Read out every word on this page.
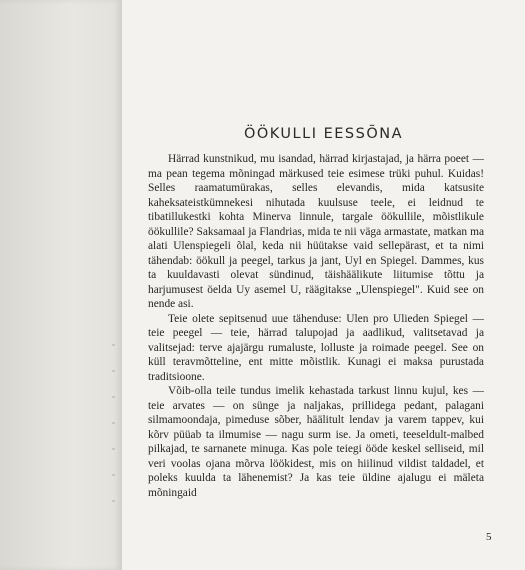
ÖÖKULLI EESSÕNA

Härrad kunstnikud, mu isandad, härrad kirjastajad, ja härra poeet — ma pean tegema mõningad märkused teie esimese trüki puhul. Kuidas! Selles raamatumürakas, selles elevandis, mida katsusite kaheksateistkümnekesi nihutada kuulsuse teele, ei leidnud te tibatillukestki kohta Minerva linnule, targale öökullile, mõistlikule öökullile? Saksamaal ja Flandrias, mida te nii väga armastate, matkan ma alati Ulenspiegeli õlal, keda nii hüütakse vaid sellepärast, et ta nimi tähendab: öökull ja peegel, tarkus ja jant, Uyl en Spiegel. Dammes, kus ta kuuldavasti olevat sündinud, täishäälikute liitumise tõttu ja harjumusest öelda Uy asemel U, räägitakse „Ulenspiegel". Kuid see on nende asi.

Teie olete sepitsenud uue tähenduse: Ulen pro Ulieden Spiegel — teie peegel — teie, härrad talupojad ja aadlikud, valitsetavad ja valitsejad: terve ajajärgu rumaluste, lolluste ja roimade peegel. See on küll teravmõtteline, ent mitte mõistlik. Kunagi ei maksa purustada traditsioone.

Võib-olla teile tundus imelik kehastada tarkust linnu kujul, kes — teie arvates — on sünge ja naljakas, prillidega pedant, palagani silmamoondaja, pimeduse sõber, häälitult lendav ja varem tappev, kui kõrv püüab ta ilmumise — nagu surm ise. Ja ometi, teeseldult-malbed pilkajad, te sarnanete minuga. Kas pole teiegi ööde keskel selliseid, mil veri voolas ojana mõrva löökidest, mis on hiilinud vildist taldadel, et poleks kuulda ta lähenemist? Ja kas teie üldine ajalugu ei mäleta mõningaid

5
